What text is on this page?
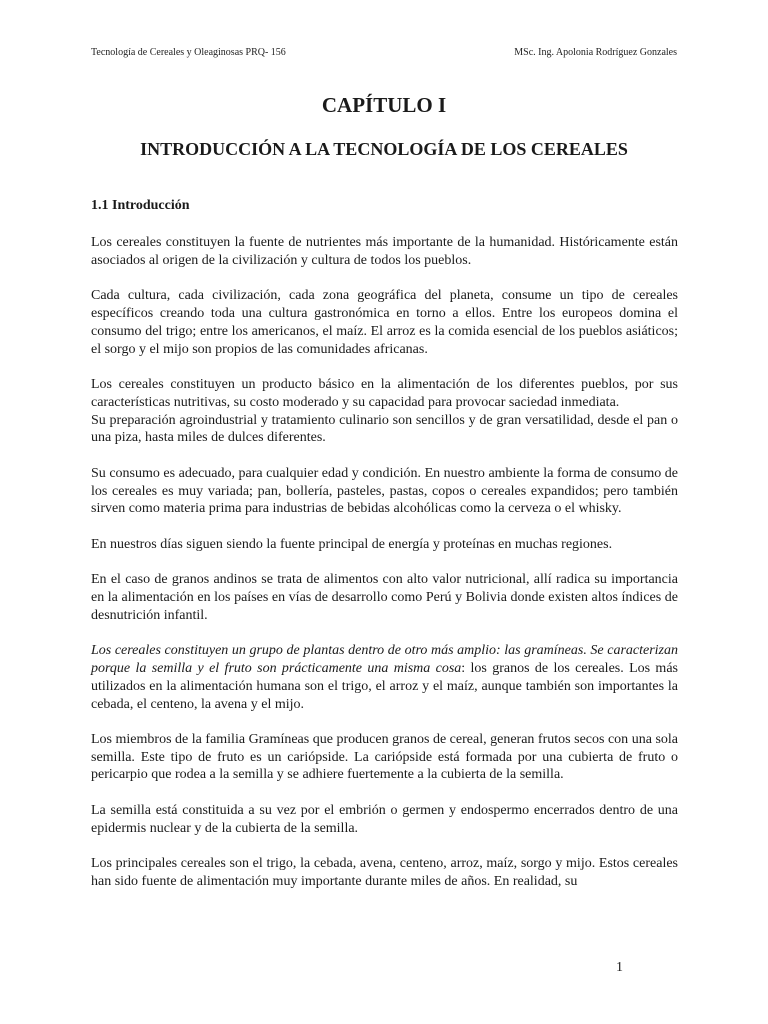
Tecnología de Cereales y Oleaginosas PRQ- 156	MSc. Ing. Apolonia Rodríguez Gonzales
CAPÍTULO I
INTRODUCCIÓN A LA TECNOLOGÍA DE LOS CEREALES
1.1 Introducción

Los cereales constituyen la fuente de nutrientes más importante de la humanidad. Históricamente están asociados al origen de la civilización y cultura de todos los pueblos.

Cada cultura, cada civilización, cada zona geográfica del planeta, consume un tipo de cereales específicos creando toda una cultura gastronómica en torno a ellos. Entre los europeos domina el consumo del trigo; entre los americanos, el maíz. El arroz es la comida esencial de los pueblos asiáticos; el sorgo y el mijo son propios de las comunidades africanas.

Los cereales constituyen un producto básico en la alimentación de los diferentes pueblos, por sus características nutritivas, su costo moderado y su capacidad para provocar saciedad inmediata.
Su preparación agroindustrial y tratamiento culinario son sencillos y de gran versatilidad, desde el pan o una piza, hasta miles de dulces diferentes.

Su consumo es adecuado, para cualquier edad y condición. En nuestro ambiente la forma de consumo de los cereales es muy variada; pan, bollería, pasteles, pastas, copos o cereales expandidos; pero también sirven como materia prima para industrias de bebidas alcohólicas como la cerveza o el whisky.

En nuestros días siguen siendo la fuente principal de energía y proteínas en muchas regiones.

En el caso de granos andinos se trata de alimentos con alto valor nutricional, allí radica su importancia en la alimentación en los países en vías de desarrollo como Perú y Bolivia donde existen altos índices de desnutrición infantil.

Los cereales constituyen un grupo de plantas dentro de otro más amplio: las gramíneas. Se caracterizan porque la semilla y el fruto son prácticamente una misma cosa: los granos de los cereales. Los más utilizados en la alimentación humana son el trigo, el arroz y el maíz, aunque también son importantes la cebada, el centeno, la avena y el mijo.

Los miembros de la familia Gramíneas que producen granos de cereal, generan frutos secos con una sola semilla. Este tipo de fruto es un cariópside. La cariópside está formada por una cubierta de fruto o pericarpio que rodea a la semilla y se adhiere fuertemente a la cubierta de la semilla.

La semilla está constituida a su vez por el embrión o germen y endospermo encerrados dentro de una epidermis nuclear y de la cubierta de la semilla.

Los principales cereales son el trigo, la cebada, avena, centeno, arroz, maíz, sorgo y mijo. Estos cereales han sido fuente de alimentación muy importante durante miles de años. En realidad, su

1
